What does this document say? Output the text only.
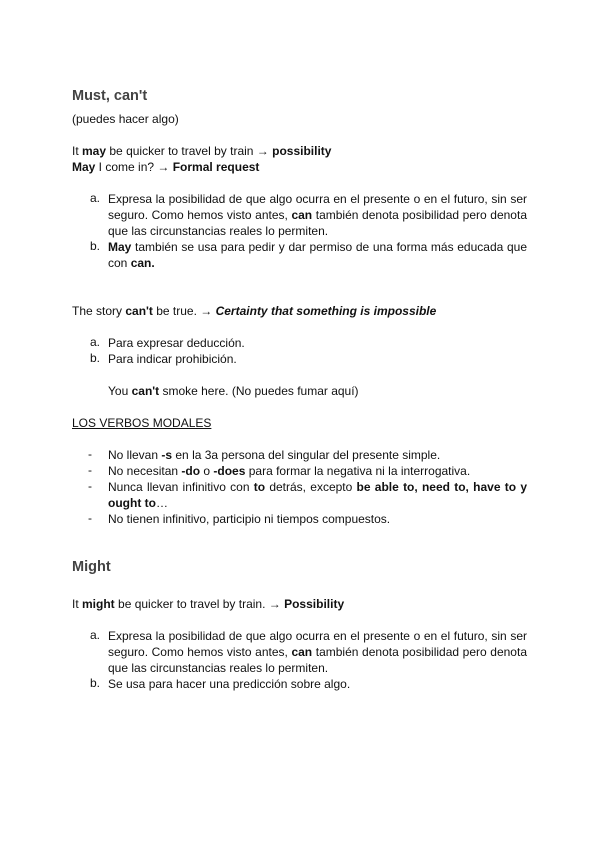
Must, can't
(puedes hacer algo)
It may be quicker to travel by train → possibility
May I come in? → Formal request
a. Expresa la posibilidad de que algo ocurra en el presente o en el futuro, sin ser seguro. Como hemos visto antes, can también denota posibilidad pero denota que las circunstancias reales lo permiten.
b. May también se usa para pedir y dar permiso de una forma más educada que con can.
The story can't be true. → Certainty that something is impossible
a. Para expresar deducción.
b. Para indicar prohibición.
You can't smoke here. (No puedes fumar aquí)
LOS VERBOS MODALES
- No llevan -s en la 3a persona del singular del presente simple.
- No necesitan -do o -does para formar la negativa ni la interrogativa.
- Nunca llevan infinitivo con to detrás, excepto be able to, need to, have to y ought to…
- No tienen infinitivo, participio ni tiempos compuestos.
Might
It might be quicker to travel by train. → Possibility
a. Expresa la posibilidad de que algo ocurra en el presente o en el futuro, sin ser seguro. Como hemos visto antes, can también denota posibilidad pero denota que las circunstancias reales lo permiten.
b. Se usa para hacer una predicción sobre algo.
